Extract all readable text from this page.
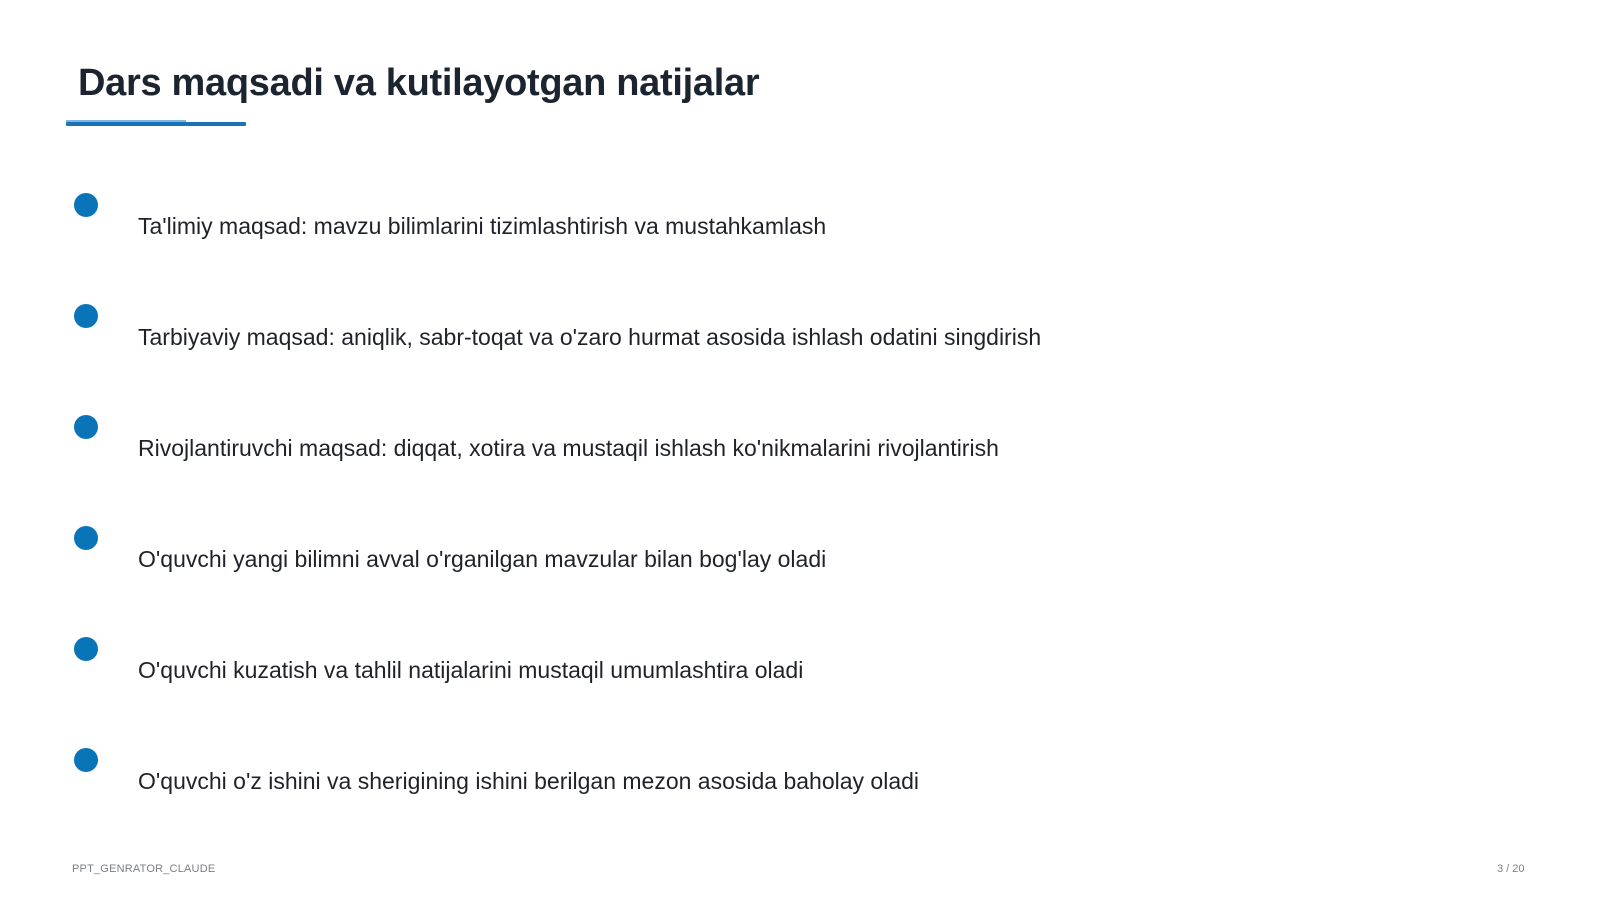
Dars maqsadi va kutilayotgan natijalar
Ta'limiy maqsad: mavzu bilimlarini tizimlashtirish va mustahkamlash
Tarbiyaviy maqsad: aniqlik, sabr-toqat va o'zaro hurmat asosida ishlash odatini singdirish
Rivojlantiruvchi maqsad: diqqat, xotira va mustaqil ishlash ko'nikmalarini rivojlantirish
O'quvchi yangi bilimni avval o'rganilgan mavzular bilan bog'lay oladi
O'quvchi kuzatish va tahlil natijalarini mustaqil umumlashtira oladi
O'quvchi o'z ishini va sherigining ishini berilgan mezon asosida baholay oladi
PPT_GENRATOR_CLAUDE	3 / 20
